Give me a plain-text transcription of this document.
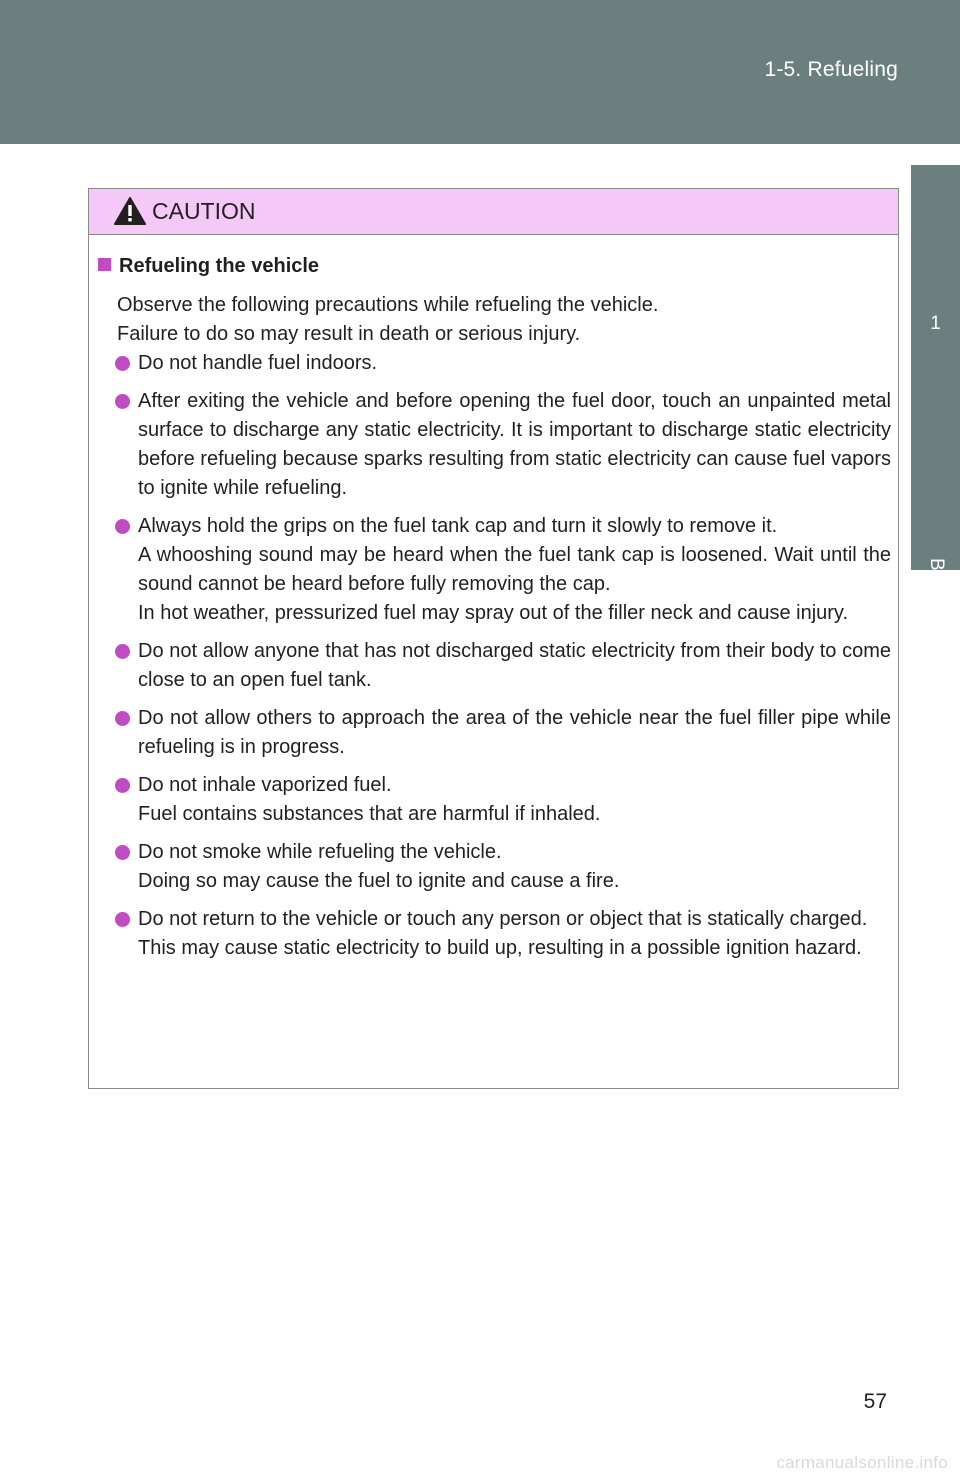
1-5. Refueling
1
Before driving
CAUTION
Refueling the vehicle
Observe the following precautions while refueling the vehicle.
Failure to do so may result in death or serious injury.
Do not handle fuel indoors.
After exiting the vehicle and before opening the fuel door, touch an unpainted metal surface to discharge any static electricity. It is important to discharge static electricity before refueling because sparks resulting from static electricity can cause fuel vapors to ignite while refueling.
Always hold the grips on the fuel tank cap and turn it slowly to remove it.
A whooshing sound may be heard when the fuel tank cap is loosened. Wait until the sound cannot be heard before fully removing the cap.
In hot weather, pressurized fuel may spray out of the filler neck and cause injury.
Do not allow anyone that has not discharged static electricity from their body to come close to an open fuel tank.
Do not allow others to approach the area of the vehicle near the fuel filler pipe while refueling is in progress.
Do not inhale vaporized fuel.
Fuel contains substances that are harmful if inhaled.
Do not smoke while refueling the vehicle.
Doing so may cause the fuel to ignite and cause a fire.
Do not return to the vehicle or touch any person or object that is statically charged.
This may cause static electricity to build up, resulting in a possible ignition hazard.
57
carmanualsonline.info
